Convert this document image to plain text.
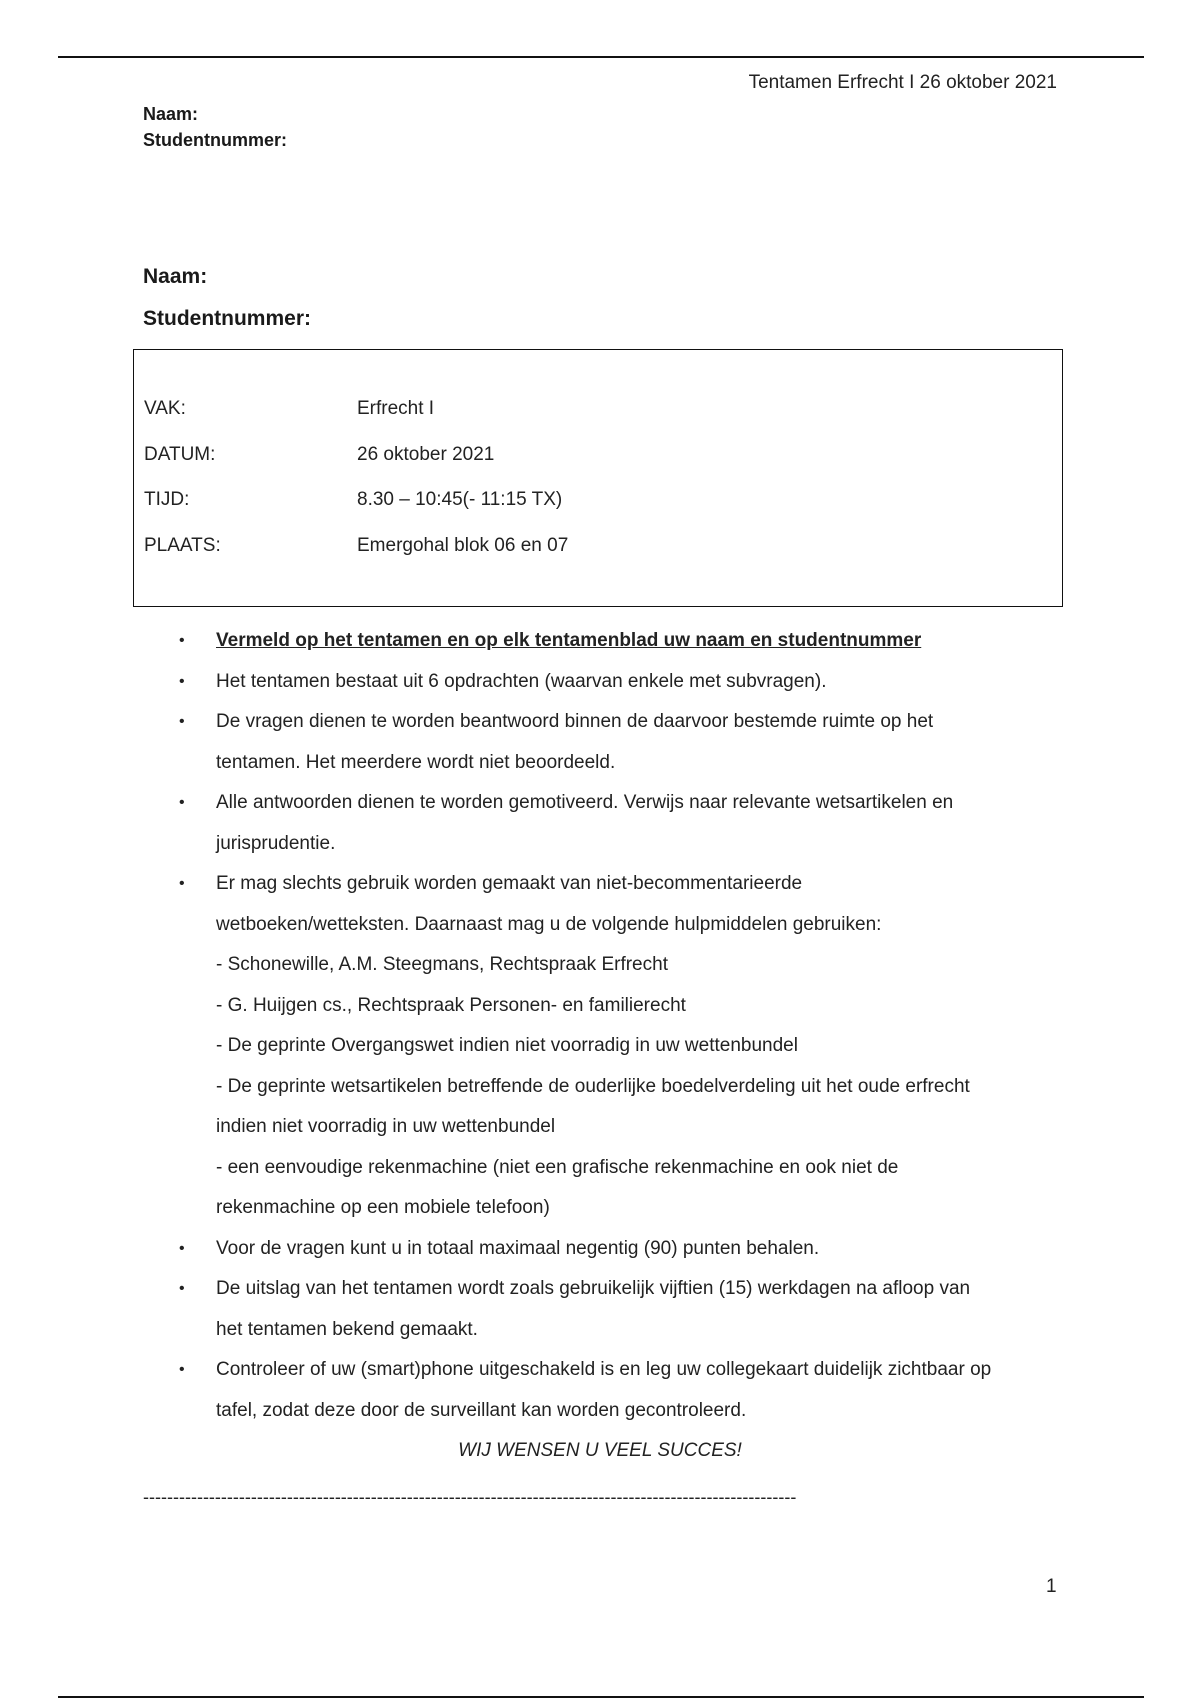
Tentamen Erfrecht I 26 oktober 2021
Naam:
Studentnummer:
Naam:
Studentnummer:
VAK:	Erfrecht I
DATUM:	26 oktober 2021
TIJD:	8.30 – 10:45(- 11:15 TX)
PLAATS:	Emergohal blok 06 en 07
• Vermeld op het tentamen en op elk tentamenblad uw naam en studentnummer
• Het tentamen bestaat uit 6 opdrachten (waarvan enkele met subvragen).
• De vragen dienen te worden beantwoord binnen de daarvoor bestemde ruimte op het
tentamen. Het meerdere wordt niet beoordeeld.
• Alle antwoorden dienen te worden gemotiveerd. Verwijs naar relevante wetsartikelen en
jurisprudentie.
• Er mag slechts gebruik worden gemaakt van niet-becommentarieerde
wetboeken/wetteksten. Daarnaast mag u de volgende hulpmiddelen gebruiken:
- Schonewille, A.M. Steegmans, Rechtspraak Erfrecht
- G. Huijgen cs., Rechtspraak Personen- en familierecht
- De geprinte Overgangswet indien niet voorradig in uw wettenbundel
- De geprinte wetsartikelen betreffende de ouderlijke boedelverdeling uit het oude erfrecht
indien niet voorradig in uw wettenbundel
- een eenvoudige rekenmachine (niet een grafische rekenmachine en ook niet de
rekenmachine op een mobiele telefoon)
• Voor de vragen kunt u in totaal maximaal negentig (90) punten behalen.
• De uitslag van het tentamen wordt zoals gebruikelijk vijftien (15) werkdagen na afloop van
het tentamen bekend gemaakt.
• Controleer of uw (smart)phone uitgeschakeld is en leg uw collegekaart duidelijk zichtbaar op
tafel, zodat deze door de surveillant kan worden gecontroleerd.
WIJ WENSEN U VEEL SUCCES!
-------------------------------------------------------------------------------------------------------------
1
